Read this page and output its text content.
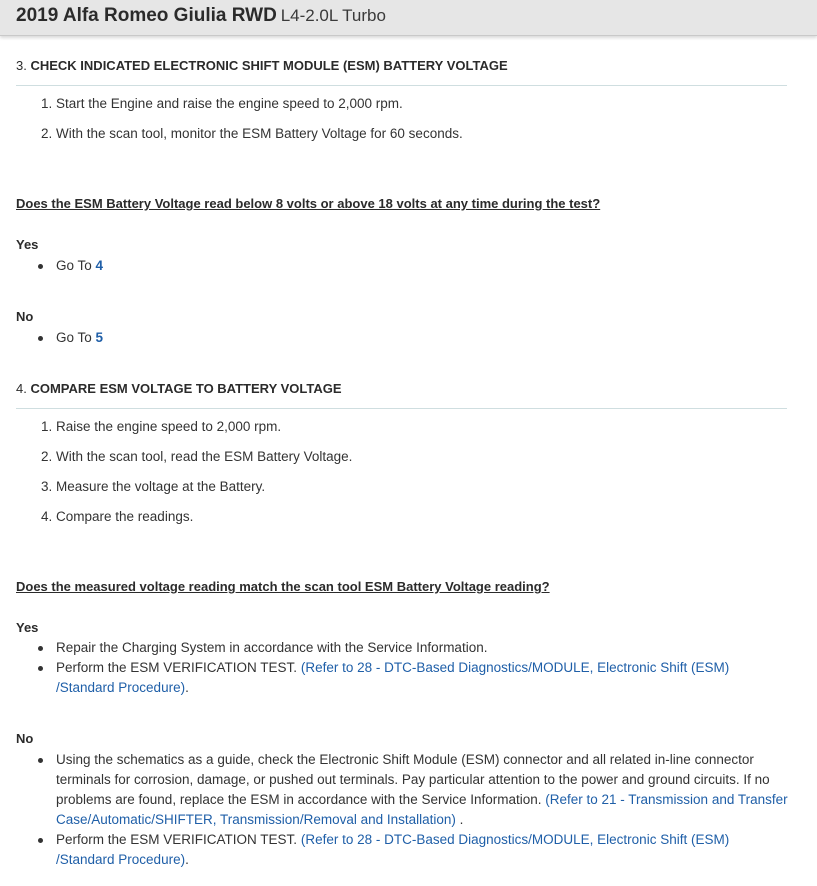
2019 Alfa Romeo Giulia RWD L4-2.0L Turbo
3. CHECK INDICATED ELECTRONIC SHIFT MODULE (ESM) BATTERY VOLTAGE
1. Start the Engine and raise the engine speed to 2,000 rpm.
2. With the scan tool, monitor the ESM Battery Voltage for 60 seconds.
Does the ESM Battery Voltage read below 8 volts or above 18 volts at any time during the test?
Yes
Go To 4
No
Go To 5
4. COMPARE ESM VOLTAGE TO BATTERY VOLTAGE
1. Raise the engine speed to 2,000 rpm.
2. With the scan tool, read the ESM Battery Voltage.
3. Measure the voltage at the Battery.
4. Compare the readings.
Does the measured voltage reading match the scan tool ESM Battery Voltage reading?
Yes
Repair the Charging System in accordance with the Service Information.
Perform the ESM VERIFICATION TEST. (Refer to 28 - DTC-Based Diagnostics/MODULE, Electronic Shift (ESM) /Standard Procedure).
No
Using the schematics as a guide, check the Electronic Shift Module (ESM) connector and all related in-line connector terminals for corrosion, damage, or pushed out terminals. Pay particular attention to the power and ground circuits. If no problems are found, replace the ESM in accordance with the Service Information. (Refer to 21 - Transmission and Transfer Case/Automatic/SHIFTER, Transmission/Removal and Installation) .
Perform the ESM VERIFICATION TEST. (Refer to 28 - DTC-Based Diagnostics/MODULE, Electronic Shift (ESM) /Standard Procedure).
